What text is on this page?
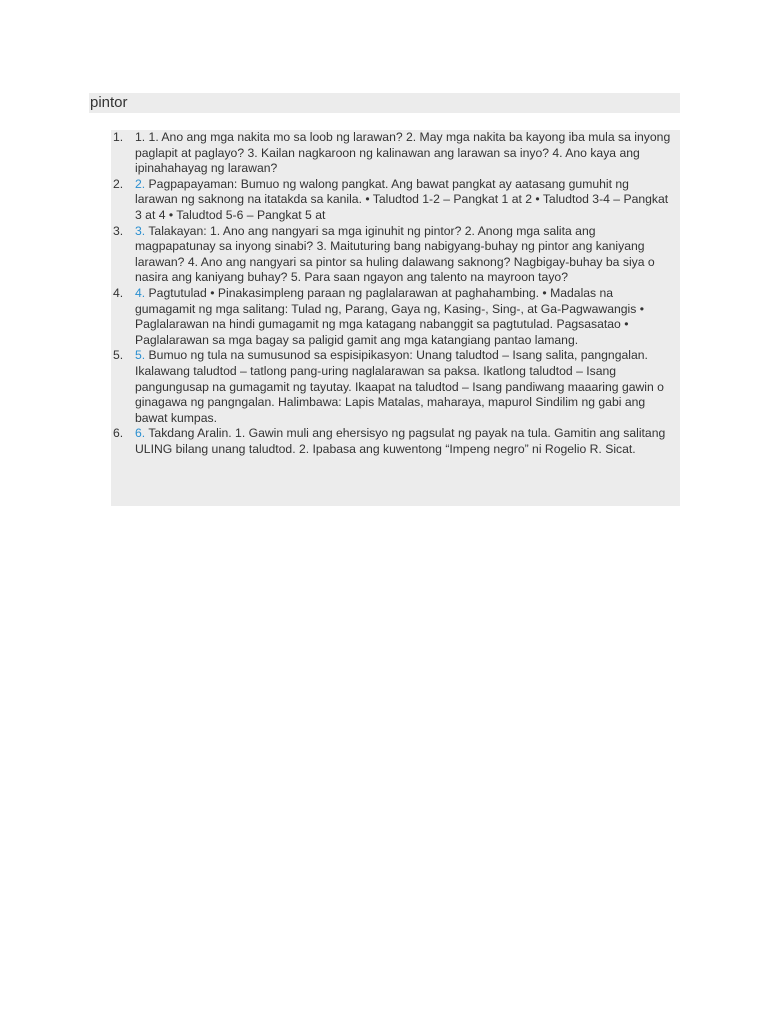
pintor
1. 1. 1. Ano ang mga nakita mo sa loob ng larawan? 2. May mga nakita ba kayong iba mula sa inyong paglapit at paglayo? 3. Kailan nagkaroon ng kalinawan ang larawan sa inyo? 4. Ano kaya ang ipinahahayag ng larawan?
2. 2. Pagpapayaman: Bumuo ng walong pangkat. Ang bawat pangkat ay aatasang gumuhit ng larawan ng saknong na itatakda sa kanila. • Taludtod 1-2 – Pangkat 1 at 2 • Taludtod 3-4 – Pangkat 3 at 4 • Taludtod 5-6 – Pangkat 5 at
3. 3. Talakayan: 1. Ano ang nangyari sa mga iginuhit ng pintor? 2. Anong mga salita ang magpapatunay sa inyong sinabi? 3. Maituturing bang nabigyang-buhay ng pintor ang kaniyang larawan? 4. Ano ang nangyari sa pintor sa huling dalawang saknong? Nagbigay-buhay ba siya o nasira ang kaniyang buhay? 5. Para saan ngayon ang talento na mayroon tayo?
4. 4. Pagtutulad • Pinakasimpleng paraan ng paglalarawan at paghahambing. • Madalas na gumagamit ng mga salitang: Tulad ng, Parang, Gaya ng, Kasing-, Sing-, at Ga-Pagwawangis • Paglalarawan na hindi gumagamit ng mga katagang nabanggit sa pagtutulad. Pagsasatao • Paglalarawan sa mga bagay sa paligid gamit ang mga katangiang pantao lamang.
5. 5. Bumuo ng tula na sumusunod sa espisipikasyon: Unang taludtod – Isang salita, pangngalan. Ikalawang taludtod – tatlong pang-uring naglalarawan sa paksa. Ikatlong taludtod – Isang pangungusap na gumagamit ng tayutay. Ikaapat na taludtod – Isang pandiwang maaaring gawin o ginagawa ng pangngalan. Halimbawa: Lapis Matalas, maharaya, mapurol Sindilim ng gabi ang bawat kumpas.
6. 6. Takdang Aralin. 1. Gawin muli ang ehersisyo ng pagsulat ng payak na tula. Gamitin ang salitang ULING bilang unang taludtod. 2. Ipabasa ang kuwentong “Impeng negro” ni Rogelio R. Sicat.
